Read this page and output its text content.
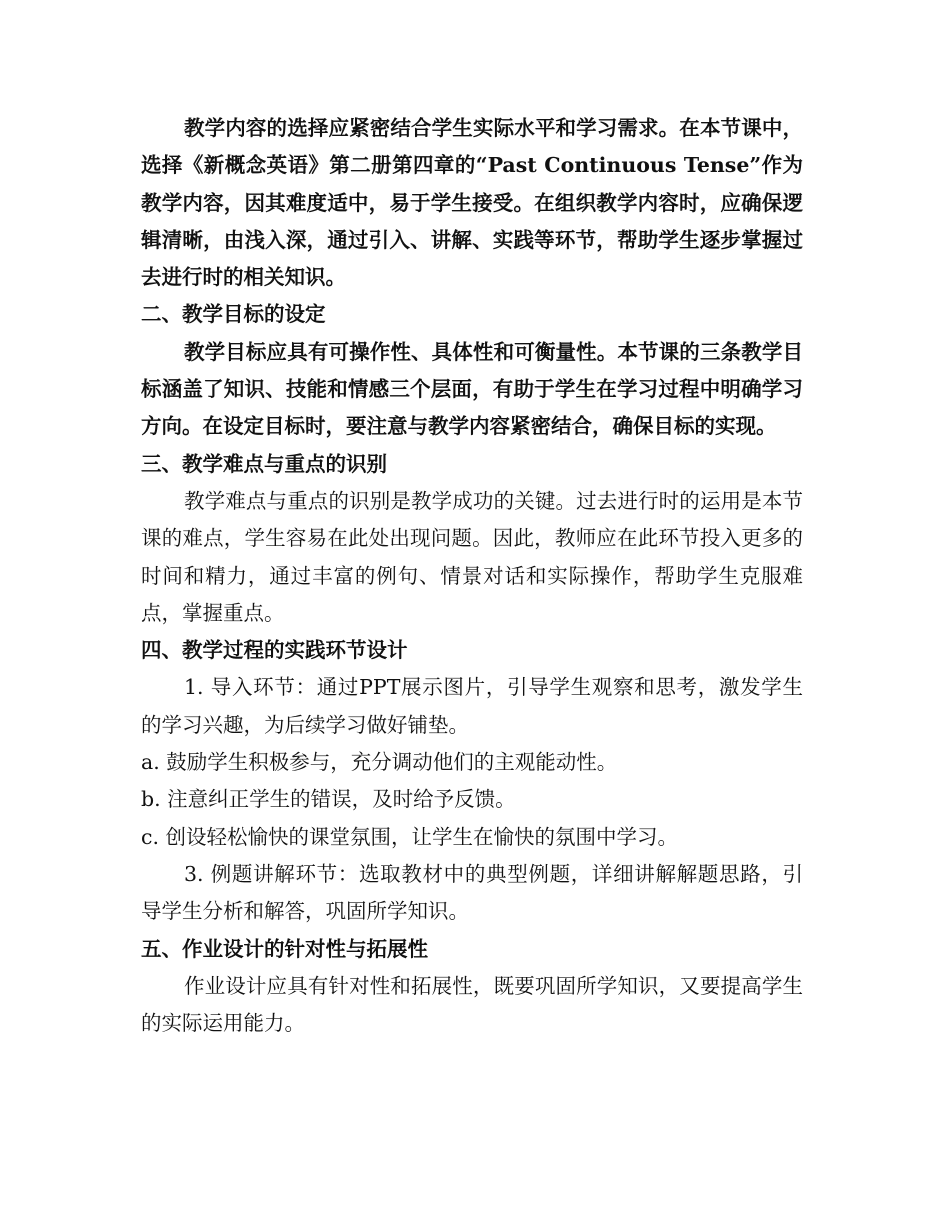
教学内容的选择应紧密结合学生实际水平和学习需求。在本节课中，选择《新概念英语》第二册第四章的“Past Continuous Tense”作为教学内容，因其难度适中，易于学生接受。在组织教学内容时，应确保逻辑清晰，由浅入深，通过引入、讲解、实践等环节，帮助学生逐步掌握过去进行时的相关知识。

二、教学目标的设定

教学目标应具有可操作性、具体性和可衡量性。本节课的三条教学目标涵盖了知识、技能和情感三个层面，有助于学生在学习过程中明确学习方向。在设定目标时，要注意与教学内容紧密结合，确保目标的实现。

三、教学难点与重点的识别

教学难点与重点的识别是教学成功的关键。过去进行时的运用是本节课的难点，学生容易在此处出现问题。因此，教师应在此环节投入更多的时间和精力，通过丰富的例句、情景对话和实际操作，帮助学生克服难点，掌握重点。

四、教学过程的实践环节设计

1. 导入环节：通过PPT展示图片，引导学生观察和思考，激发学生的学习兴趣，为后续学习做好铺垫。

a. 鼓励学生积极参与，充分调动他们的主观能动性。

b. 注意纠正学生的错误，及时给予反馈。

c. 创设轻松愉快的课堂氛围，让学生在愉快的氛围中学习。

3. 例题讲解环节：选取教材中的典型例题，详细讲解解题思路，引导学生分析和解答，巩固所学知识。

五、作业设计的针对性与拓展性

作业设计应具有针对性和拓展性，既要巩固所学知识，又要提高学生的实际运用能力。
